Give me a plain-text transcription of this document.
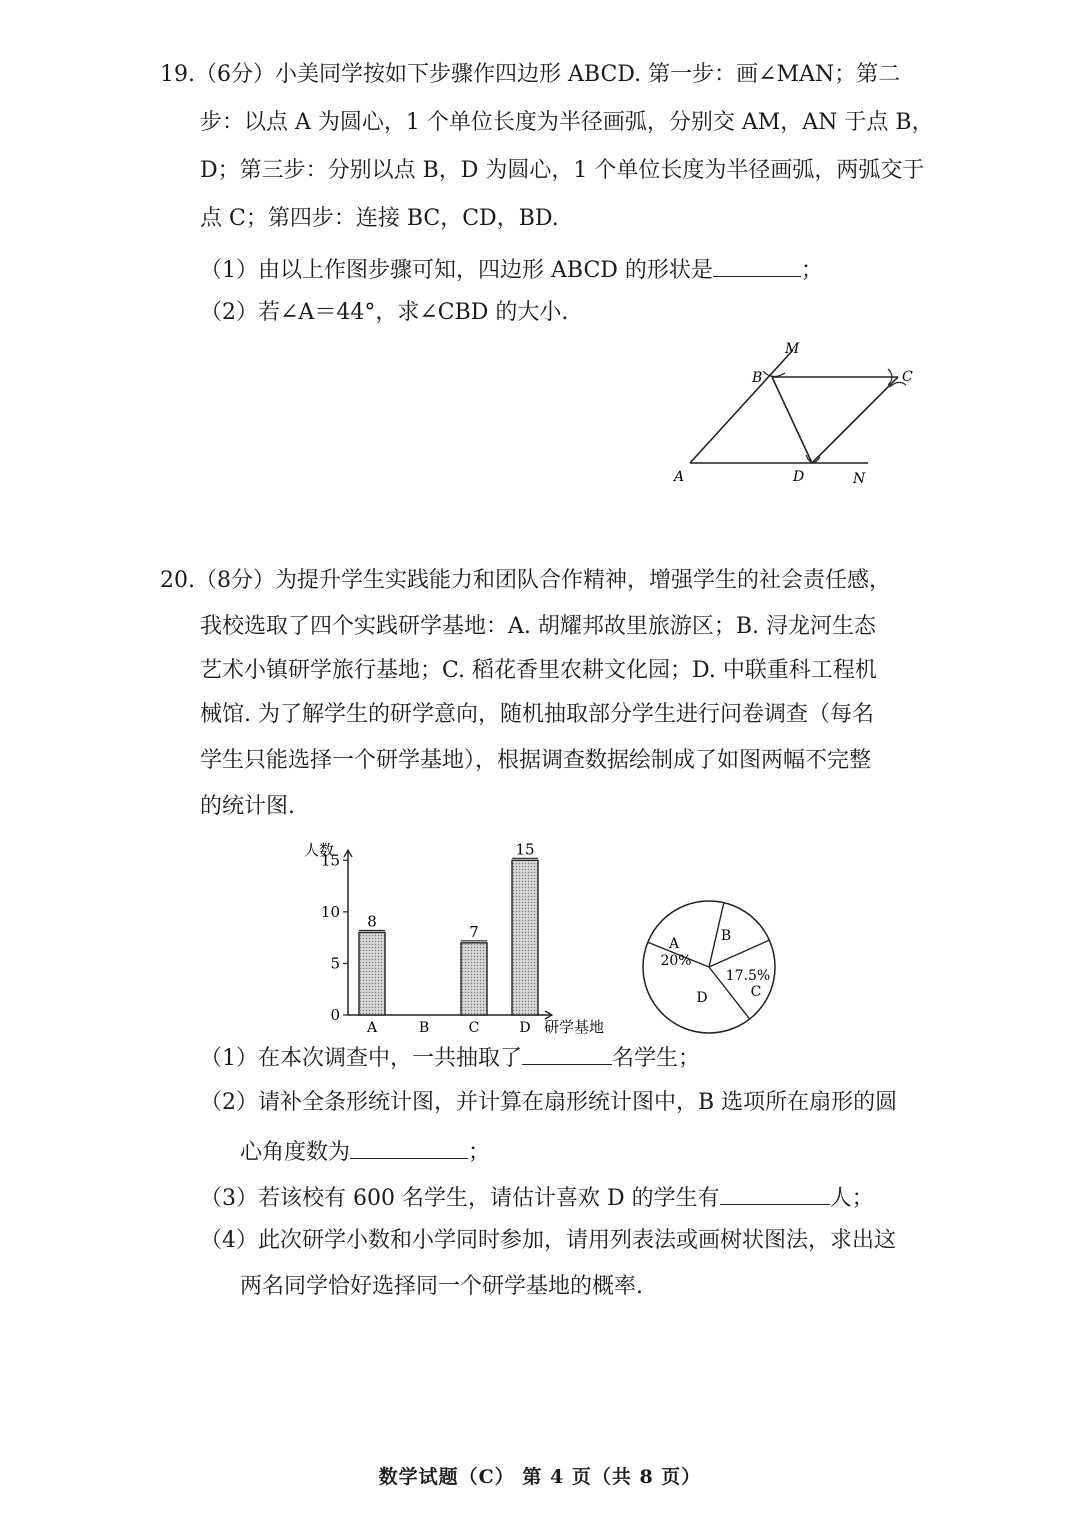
19.（6分）小美同学按如下步骤作四边形 ABCD. 第一步：画∠MAN；第二
步：以点 A 为圆心，1 个单位长度为半径画弧，分别交 AM，AN 于点 B，
D；第三步：分别以点 B，D 为圆心，1 个单位长度为半径画弧，两弧交于
点 C；第四步：连接 BC，CD，BD.
（1）由以上作图步骤可知，四边形 ABCD 的形状是	；
（2）若∠A＝44°，求∠CBD 的大小.
M
B	C
A	D	N
20.（8分）为提升学生实践能力和团队合作精神，增强学生的社会责任感，
我校选取了四个实践研学基地：A. 胡耀邦故里旅游区；B. 浔龙河生态
艺术小镇研学旅行基地；C. 稻花香里农耕文化园；D. 中联重科工程机
械馆. 为了解学生的研学意向，随机抽取部分学生进行问卷调查（每名
学生只能选择一个研学基地），根据调查数据绘制成了如图两幅不完整
的统计图.
人数
研学基地
0
5
10
15
A
8
B	C
7
D
15
A
20%
B
C
17.5%
D
（1）在本次调查中，一共抽取了	名学生；
（2）请补全条形统计图，并计算在扇形统计图中，B 选项所在扇形的圆
心角度数为	；
（3）若该校有 600 名学生，请估计喜欢 D 的学生有	人；
（4）此次研学小数和小学同时参加，请用列表法或画树状图法，求出这
两名同学恰好选择同一个研学基地的概率.
数学试题（C） 第 4 页（共 8 页）
